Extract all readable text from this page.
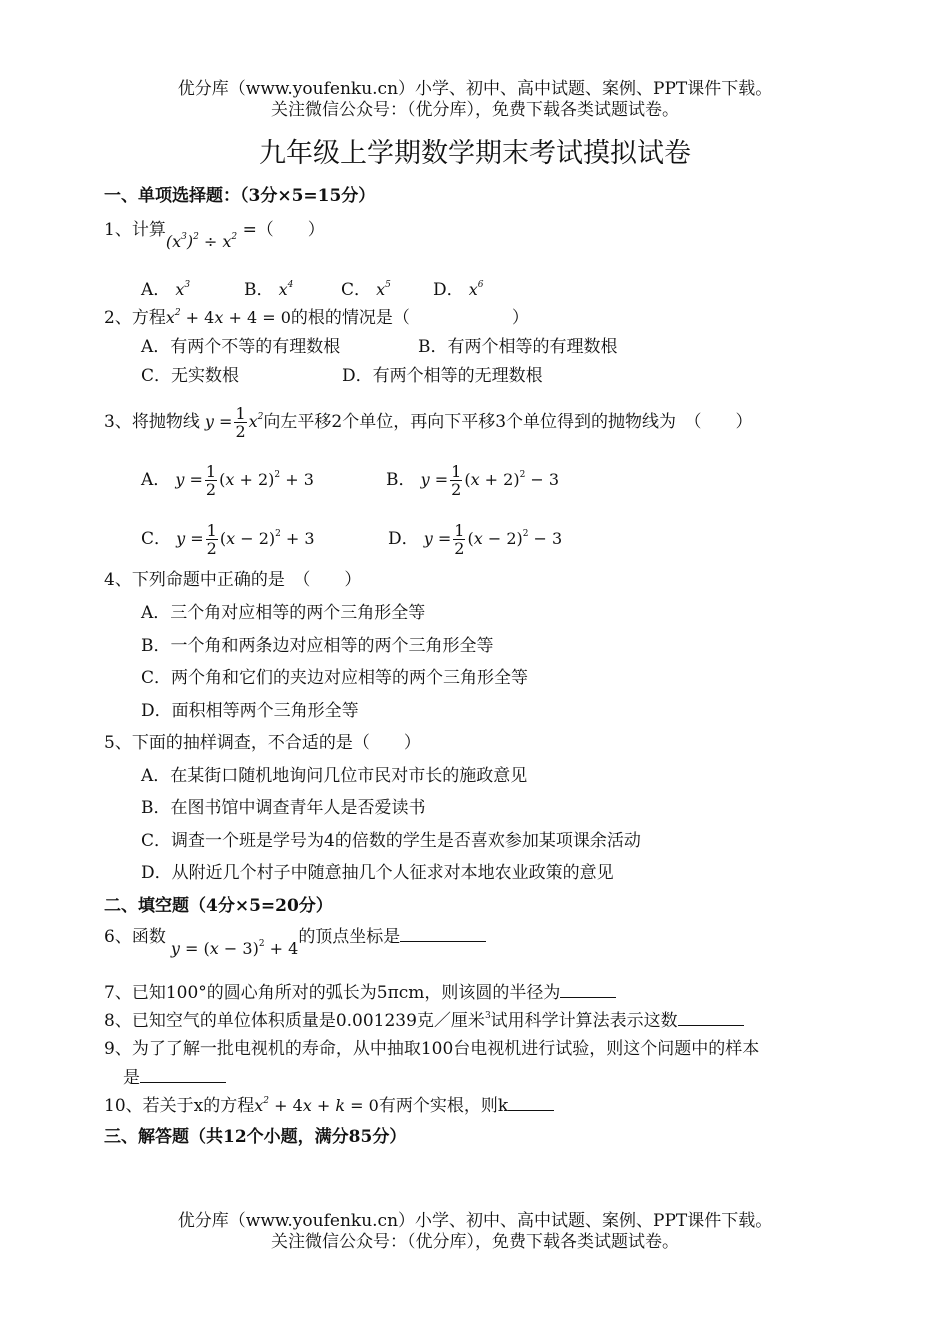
优分库（www.youfenku.cn）小学、初中、高中试题、案例、PPT课件下载。
关注微信公众号：（优分库），免费下载各类试题试卷。
九年级上学期数学期末考试摸拟试卷
一、单项选择题：（3分×5=15分）
1、计算$(x^3)^2 \div x^2$ =（　　）
A． $x^3$	B． $x^4$	C． $x^5$ D． $x^6$
2、方程$x^2 + 4x + 4 = 0$的根的情况是（　　　　　　）
A．有两个不等的有理数根	B．有两个相等的有理数根
C．无实数根	D．有两个相等的无理数根
3、将抛物线 $y = \frac{1}{2} x^2$向左平移2个单位，再向下平移3个单位得到的抛物线为　（　　）
A． $y = \frac{1}{2} (x + 2)^2 + 3$	B． $y = \frac{1}{2} (x + 2)^2 - 3$
C． $y = \frac{1}{2} (x - 2)^2 + 3$	D． $y = \frac{1}{2} (x - 2)^2 - 3$
4、下列命题中正确的是　（　　）
A．三个角对应相等的两个三角形全等
B．一个角和两条边对应相等的两个三角形全等
C．两个角和它们的夹边对应相等的两个三角形全等
D．面积相等两个三角形全等
5、下面的抽样调查，不合适的是（　　）
A．在某街口随机地询问几位市民对市长的施政意见
B．在图书馆中调查青年人是否爱读书
C．调查一个班是学号为4的倍数的学生是否喜欢参加某项课余活动
D．从附近几个村子中随意抽几个人征求对本地农业政策的意见
二、填空题（4分×5=20分）
6、函数 $y = (x - 3)^2 + 4$的顶点坐标是
7、已知100°的圆心角所对的弧长为5πcm，则该圆的半径为
8、已知空气的单位体积质量是0.001239克／厘米$^3$试用科学计算法表示这数
9、为了了解一批电视机的寿命，从中抽取100台电视机进行试验，则这个问题中的样本
是
10、若关于x的方程$x^2 + 4x + k = 0$有两个实根，则k
三、解答题（共12个小题，满分85分）
优分库（www.youfenku.cn）小学、初中、高中试题、案例、PPT课件下载。
关注微信公众号：（优分库），免费下载各类试题试卷。
